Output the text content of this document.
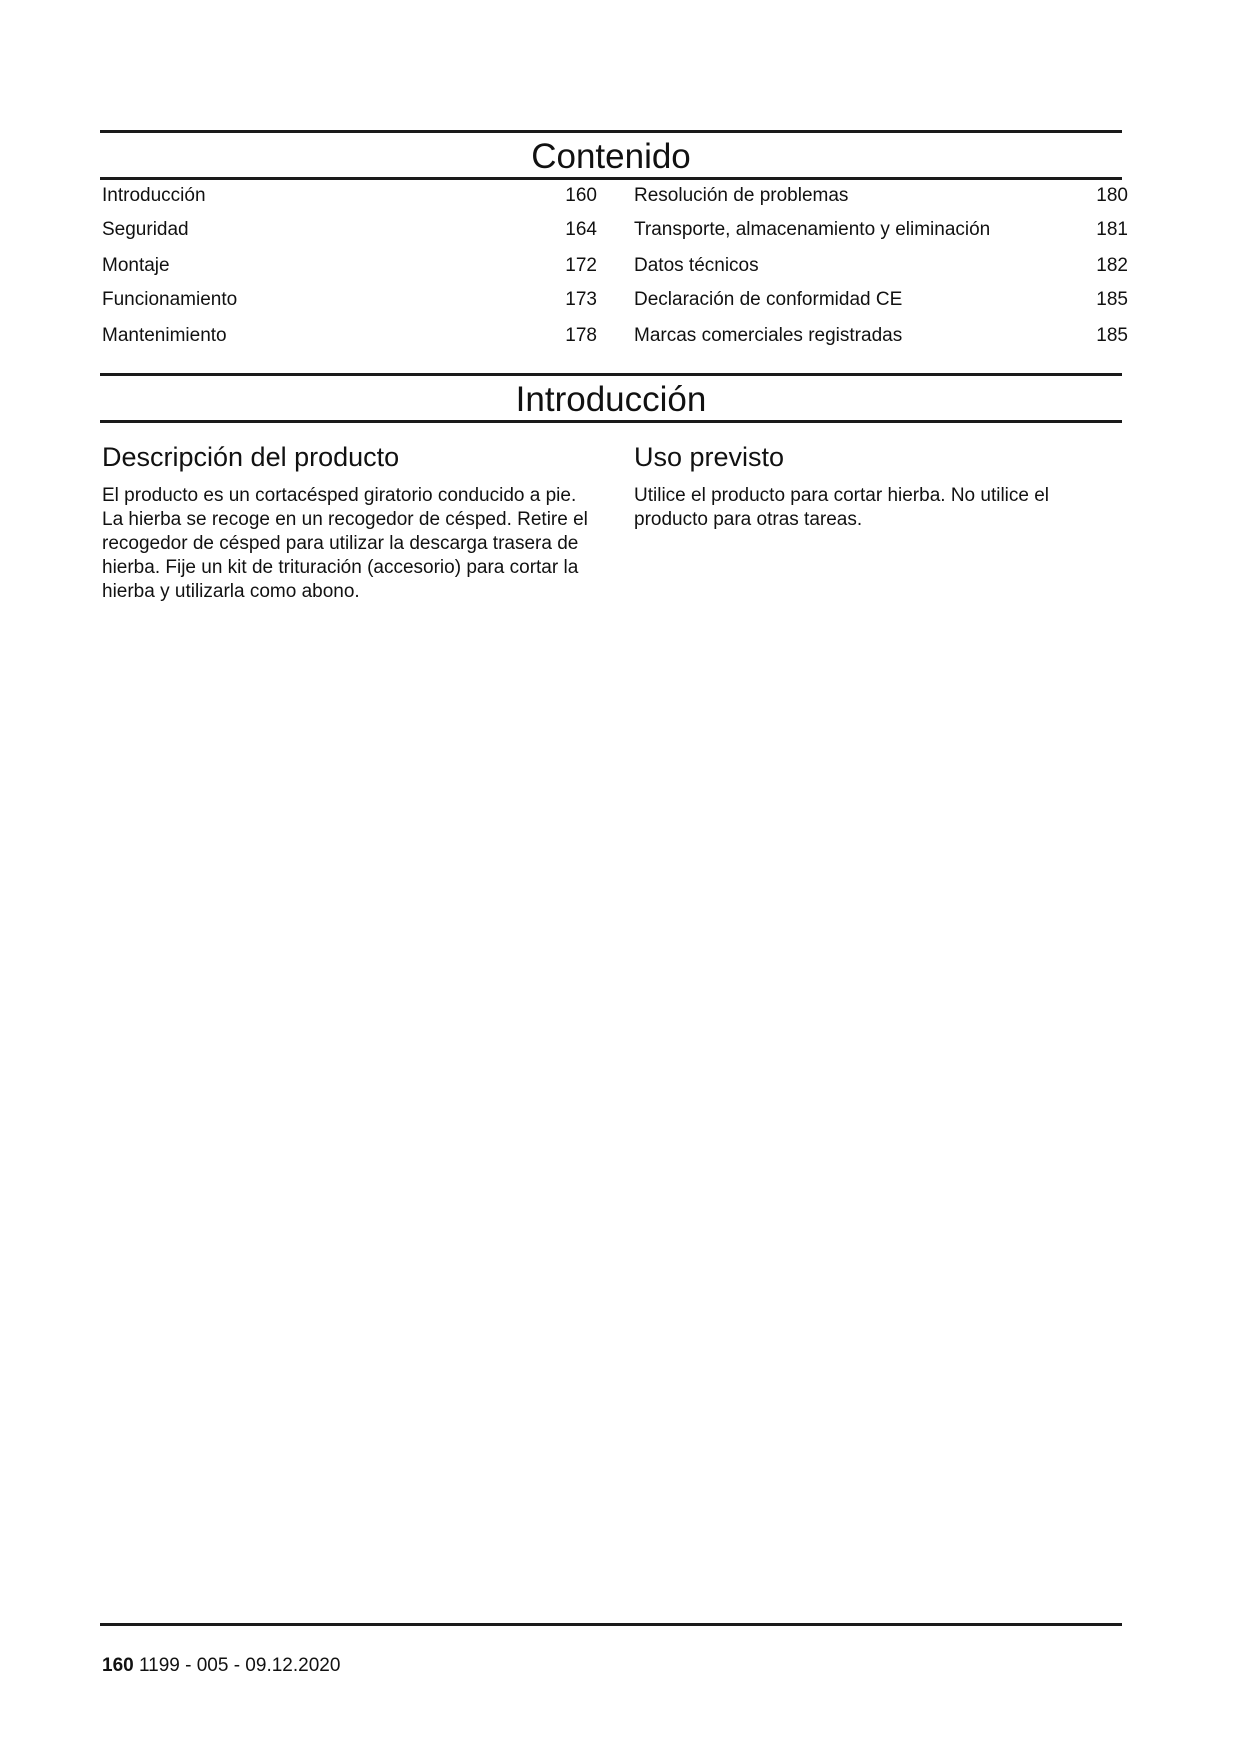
Contenido
Introducción	160
.....
Seguridad	164
.....
Montaje	172
.....
Funcionamiento	173
.....
Mantenimiento	178
.....
Resolución de problemas	180
.....
Transporte, almacenamiento y eliminación	181
.....
Datos técnicos	182
.....
Declaración de conformidad CE	185
.....
Marcas comerciales registradas	185
.....
Introducción
Descripción del producto

El producto es un cortacésped giratorio conducido a pie. La hierba se recoge en un recogedor de césped. Retire el recogedor de césped para utilizar la descarga trasera de hierba. Fije un kit de trituración (accesorio) para cortar la hierba y utilizarla como abono.

Uso previsto

Utilice el producto para cortar hierba. No utilice el producto para otras tareas.

160 1199 - 005 - 09.12.2020
